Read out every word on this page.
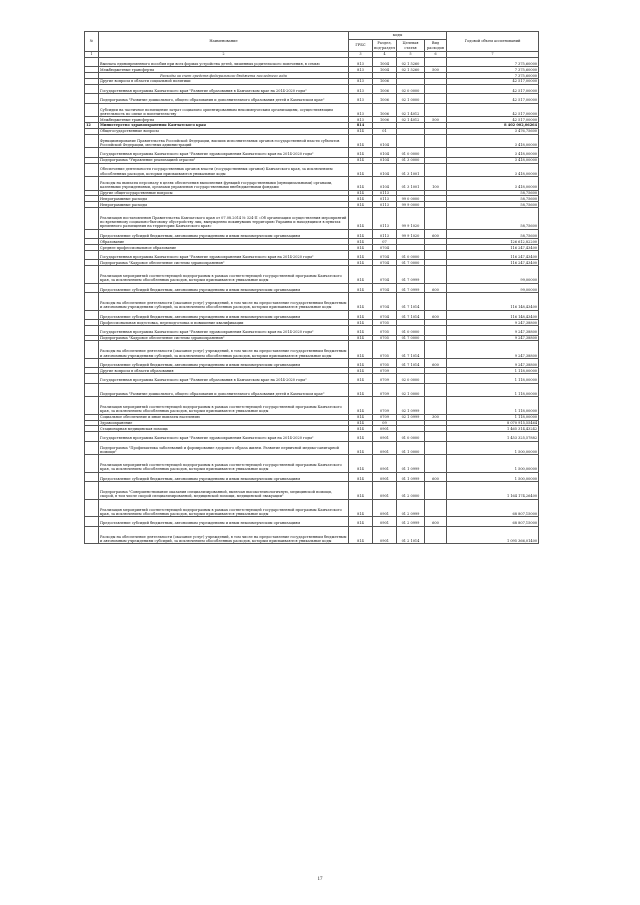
№	Наименование	коды				Годовой объем ассигнований
		ГРБС	Раздел, под-раздел	Целевая статья	Вид расходов	
1	2	3	4	5	6	7
	Выплата единовременного пособия при всех формах устройства детей, лишенных родительского попечения, в семью	813	1004	02 1 5260		7 375,60000
	Межбюджетные трансферты	813	1004	02 1 5260	500	7 375,60000
	Расходы за счет средств федерального бюджета последнего года					7 375,60000
	Другие вопросы в области социальной политики	813	1006			42 517,00000
	Государственная программа Камчатского края "Развитие образования в Камчатском крае на 2014-2020 годы"	813	1006	02 0 0000		42 517,00000
	Подпрограмма "Развитие дошкольного, общего образования и дополнительного образования детей в Камчатском крае"	813	1006	02 1 0000		42 517,00000
	Субсидии на частичное возмещение затрат социально ориентированным некоммерческим организациям, осуществляющим деятельность по опеке и попечительству	813	1006	02 1 4012		42 517,00000
	Межбюджетные трансферты	813	1006	02 1 4012	500	42 517,00000
12	Министерство здравоохранения Камчатского края	814				8 402 002,06264
	Общегосударственные вопросы	814	01			3 476,75600
	Функционирование Правительства Российской Федерации, высших исполнительных органов государственной власти субъектов Российской Федерации, местных администраций	814	0104			3 418,00000
	Государственная программа Камчатского края "Развитие здравоохранения Камчатского края на 2014-2020 годы"	814	0104	01 0 0000		3 418,00000
	Подпрограмма "Управление реализацией отрасли"	814	0104	01 3 0000		3 418,00000
	Обеспечение деятельности государственных органов власти (государственных органов) Камчатского края, за исключением обособленных расходов, которым присваиваются уникальные коды	814	0104	01 3 1001		3 418,00000
	Расходы на выплаты персоналу в целях обеспечения выполнения функций государственными (муниципальными) органами, казенными учреждениями, органами управления государственными внебюджетными фондами	814	0104	01 3 1001	100	3 418,00000
	Другие общегосударственные вопросы	814	0113			58,75600
	Непрограммные расходы	814	0113	99 0 0000		58,75600
	Непрограммные расходы	814	0113	99 9 0000		58,75600
	Реализация постановления Правительства Камчатского края от 07.08.2014 № 324-П «Об организации осуществления мероприятий по временному социально-бытовому обустройству лиц, вынужденно покинувших территорию Украины и находящихся в пунктах временного размещения на территории Камчатского края»	814	0113	99 9 1020		58,75600
	Предоставление субсидий бюджетным, автономным учреждениям и иным некоммерческим организациям	814	0113	99 9 1020	600	58,75600
	Образование	814	07			126 612,82200
	Среднее профессиональное образование	814	0704			116 247,43400
	Государственная программа Камчатского края "Развитие здравоохранения Камчатского края на 2014-2020 годы"	814	0704	01 0 0000		116 247,43400
	Подпрограмма "Кадровое обеспечение системы здравоохранения"	814	0704	01 7 0000		116 247,43400
	Реализация мероприятий соответствующей подпрограммы в рамках соответствующей государственной программы Камчатского края, за исключением обособленных расходов, которым присваиваются уникальные коды	814	0704	01 7 0999		99,00000
	Предоставление субсидий бюджетным, автономным учреждениям и иным некоммерческим организациям	814	0704	01 7 0999	600	99,00000
	Расходы на обеспечение деятельности (оказание услуг) учреждений, в том числе на предоставление государственным бюджетным и автономным учреждениям субсидий, за исключением обособленных расходов, которым присваиваются уникальные коды	814	0704	01 7 1014		116 148,43400
	Предоставление субсидий бюджетным, автономным учреждениям и иным некоммерческим организациям	814	0704	01 7 1014	600	116 148,43400
	Профессиональная подготовка, переподготовка и повышение квалификации	814	0705			9 247,38800
	Государственная программа Камчатского края "Развитие здравоохранения Камчатского края на 2014-2020 годы"	814	0705	01 0 0000		9 247,38800
	Подпрограмма "Кадровое обеспечение системы здравоохранения"	814	0705	01 7 0000		9 247,38800
	Расходы на обеспечение деятельности (оказание услуг) учреждений, в том числе на предоставление государственным бюджетным и автономным учреждениям субсидий, за исключением обособленных расходов, которым присваиваются уникальные коды	814	0705	01 7 1014		9 247,38800
	Предоставление субсидий бюджетным, автономным учреждениям и иным некоммерческим организациям	814	0705	01 7 1014	600	9 247,38800
	Другие вопросы в области образования	814	0709			1 118,00000
	Государственная программа Камчатского края "Развитие образования в Камчатском крае на 2014-2020 годы"	814	0709	02 0 0000		1 118,00000
	Подпрограмма "Развитие дошкольного, общего образования и дополнительного образования детей в Камчатском крае"	814	0709	02 1 0000		1 118,00000
	Реализация мероприятий соответствующей подпрограммы в рамках соответствующей государственной программы Камчатского края, за исключением обособленных расходов, которым присваиваются уникальные коды	814	0709	02 1 0999		1 118,00000
	Социальное обеспечение и иные выплаты населению	814	0709	02 1 0999	300	1 118,00000
	Здравоохранение	814	09			8 070 915,55464
	Стационарная медицинская помощь	814	0901			1 465 314,43242
	Государственная программа Камчатского края "Развитие здравоохранения Камчатского края на 2014-2020 годы"	814	0901	01 0 0000		1 453 325,57882
	Подпрограмма "Профилактика заболеваний и формирование здорового образа жизни. Развитие первичной медико-санитарной помощи"	814	0901	01 1 0000		1 500,00000
	Реализация мероприятий соответствующей подпрограммы в рамках соответствующей государственной программы Камчатского края, за исключением обособленных расходов, которым присваиваются уникальные коды	814	0901	01 1 0999		1 500,00000
	Предоставление субсидий бюджетным, автономным учреждениям и иным некоммерческим организациям	814	0901	01 1 0999	600	1 500,00000
	Подпрограмма "Совершенствование оказания специализированной, включая высокотехнологичную, медицинской помощи, скорой, в том числе скорой специализированной, медицинской помощи, медицинской эвакуации"	814	0901	01 2 0000		1 164 174,26400
	Реализация мероприятий соответствующей подпрограммы в рамках соответствующей государственной программы Камчатского края, за исключением обособленных расходов, которым присваиваются уникальные коды	814	0901	01 2 0999		68 807,15000
	Предоставление субсидий бюджетным, автономным учреждениям и иным некоммерческим организациям	814	0901	01 2 0999	600	68 807,15000
	Расходы на обеспечение деятельности (оказание услуг) учреждений, в том числе на предоставление государственным бюджетным и автономным учреждениям субсидий, за исключением обособленных расходов, которым присваиваются уникальные коды	814	0901	01 2 1014		1 095 366,01400
17
